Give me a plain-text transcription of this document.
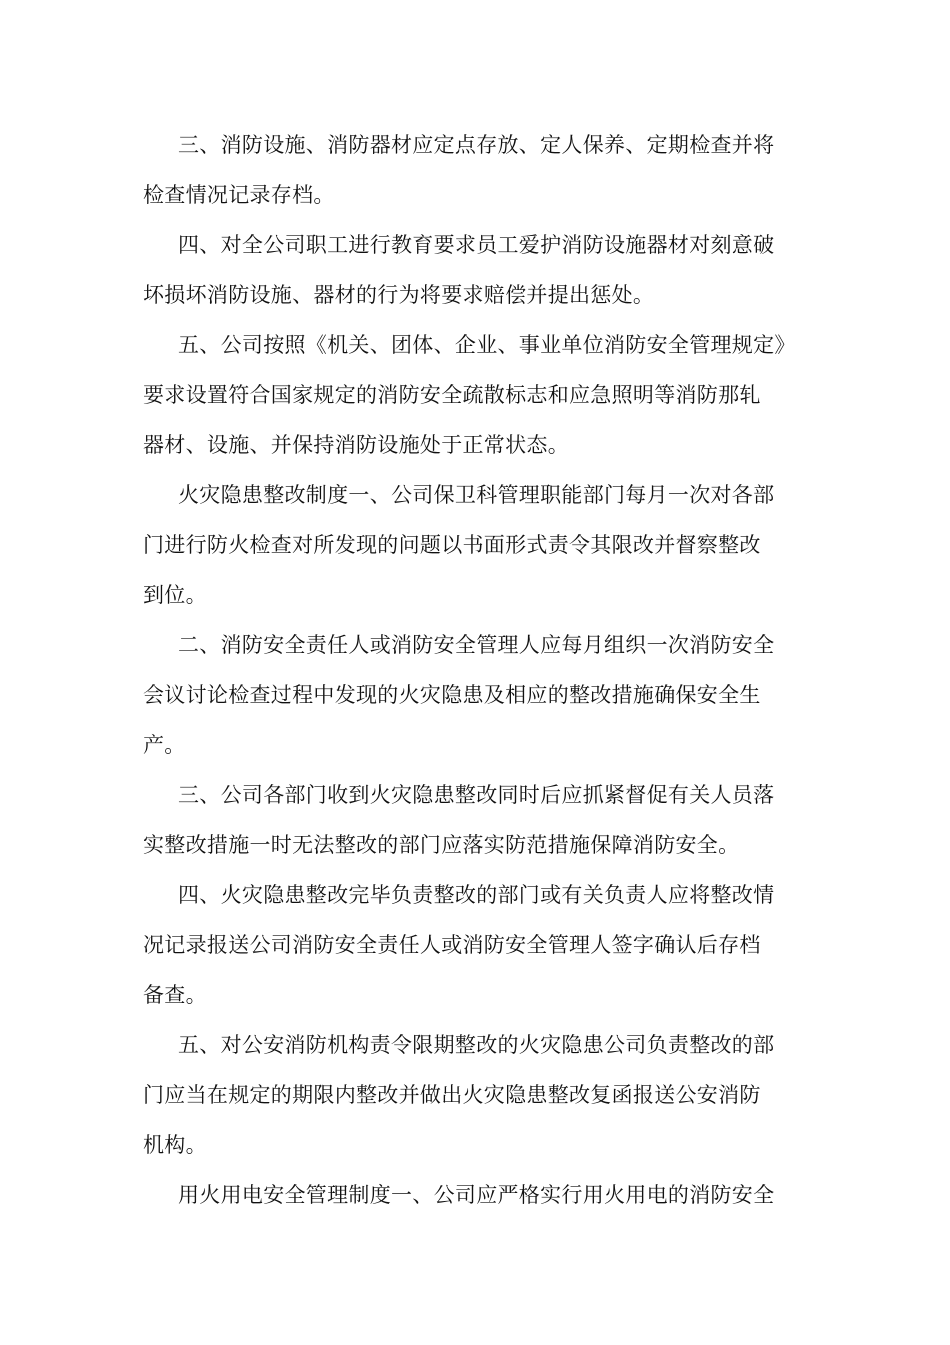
三、消防设施、消防器材应定点存放、定人保养、定期检查并将
检查情况记录存档。

四、对全公司职工进行教育要求员工爱护消防设施器材对刻意破
坏损坏消防设施、器材的行为将要求赔偿并提出惩处。

五、公司按照《机关、团体、企业、事业单位消防安全管理规定》
要求设置符合国家规定的消防安全疏散标志和应急照明等消防那轧
器材、设施、并保持消防设施处于正常状态。

火灾隐患整改制度一、公司保卫科管理职能部门每月一次对各部
门进行防火检查对所发现的问题以书面形式责令其限改并督察整改
到位。

二、消防安全责任人或消防安全管理人应每月组织一次消防安全
会议讨论检查过程中发现的火灾隐患及相应的整改措施确保安全生
产。

三、公司各部门收到火灾隐患整改同时后应抓紧督促有关人员落
实整改措施一时无法整改的部门应落实防范措施保障消防安全。

四、火灾隐患整改完毕负责整改的部门或有关负责人应将整改情
况记录报送公司消防安全责任人或消防安全管理人签字确认后存档
备查。

五、对公安消防机构责令限期整改的火灾隐患公司负责整改的部
门应当在规定的期限内整改并做出火灾隐患整改复函报送公安消防
机构。

用火用电安全管理制度一、公司应严格实行用火用电的消防安全
